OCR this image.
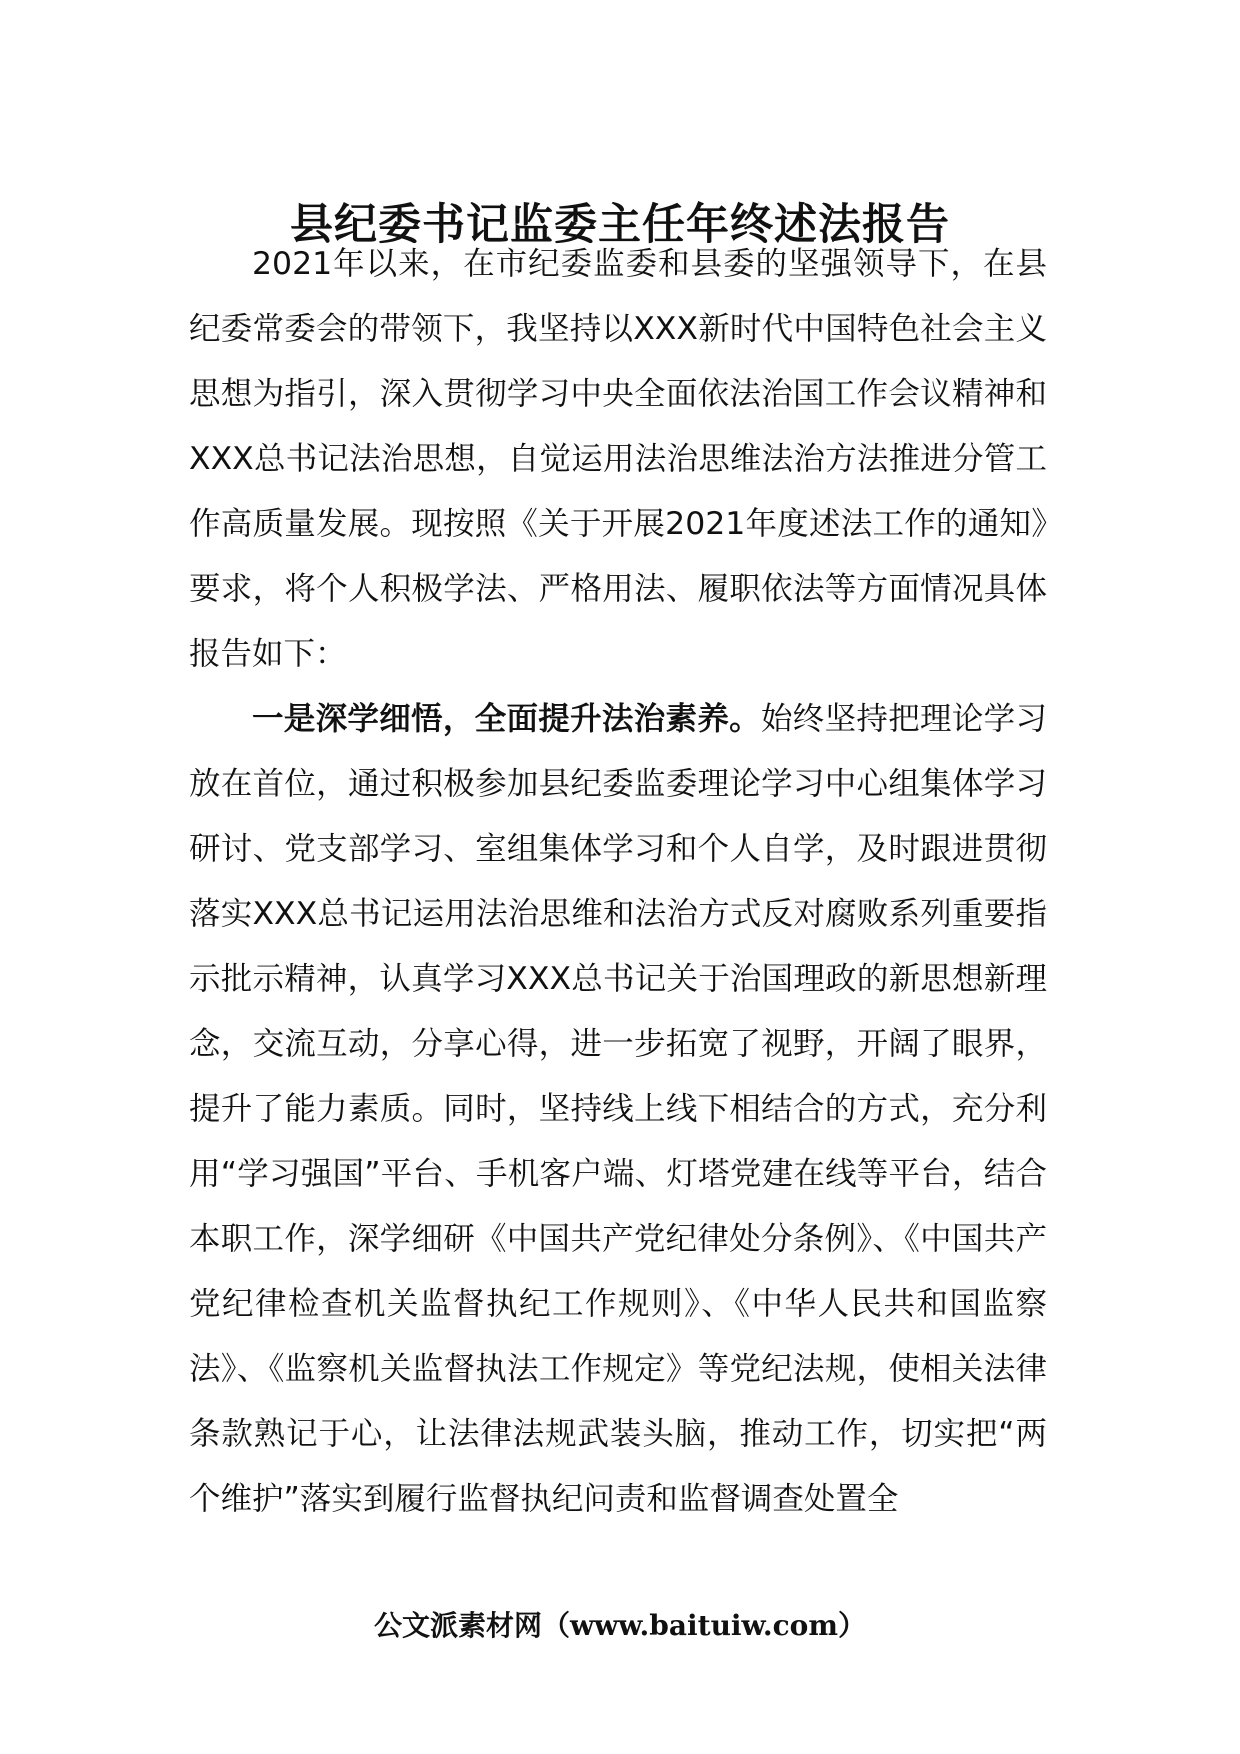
县纪委书记监委主任年终述法报告

2021年以来，在市纪委监委和县委的坚强领导下，在县纪委常委会的带领下，我坚持以XXX新时代中国特色社会主义思想为指引，深入贯彻学习中央全面依法治国工作会议精神和XXX总书记法治思想，自觉运用法治思维法治方法推进分管工作高质量发展。现按照《关于开展2021年度述法工作的通知》要求，将个人积极学法、严格用法、履职依法等方面情况具体报告如下：

一是深学细悟，全面提升法治素养。始终坚持把理论学习放在首位，通过积极参加县纪委监委理论学习中心组集体学习研讨、党支部学习、室组集体学习和个人自学，及时跟进贯彻落实XXX总书记运用法治思维和法治方式反对腐败系列重要指示批示精神，认真学习XXX总书记关于治国理政的新思想新理念，交流互动，分享心得，进一步拓宽了视野，开阔了眼界，提升了能力素质。同时，坚持线上线下相结合的方式，充分利用“学习强国”平台、手机客户端、灯塔党建在线等平台，结合本职工作，深学细研《中国共产党纪律处分条例》、《中国共产党纪律检查机关监督执纪工作规则》、《中华人民共和国监察法》、《监察机关监督执法工作规定》等党纪法规，使相关法律条款熟记于心，让法律法规武装头脑，推动工作，切实把“两个维护”落实到履行监督执纪问责和监督调查处置全

公文派素材网（www.baituiw.com）
